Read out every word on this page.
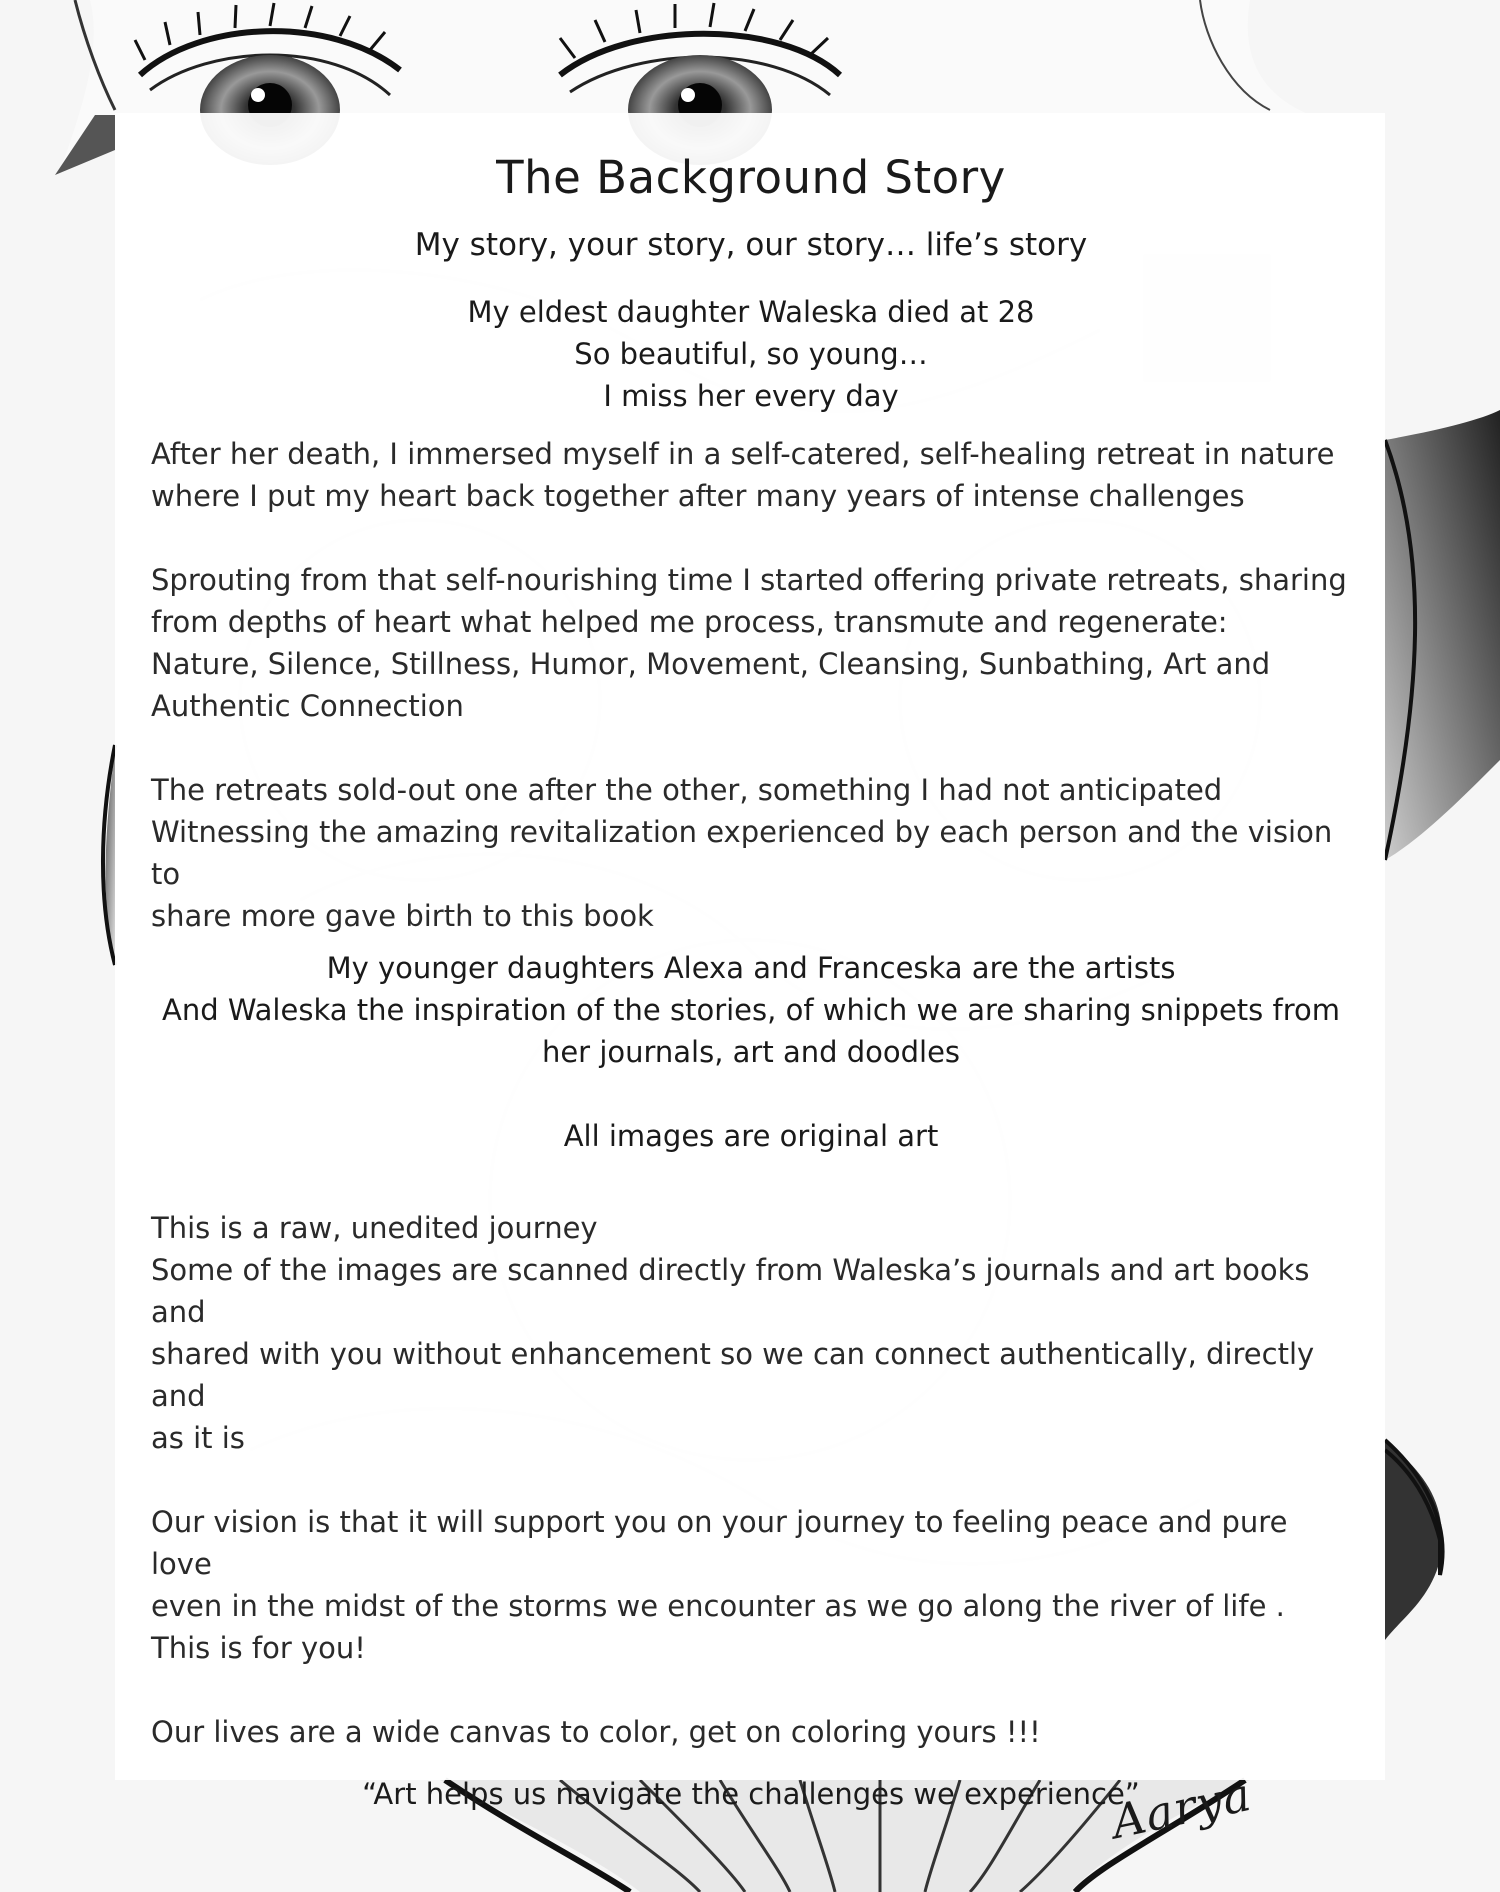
The Background Story

My story, your story, our story… life’s story

My eldest daughter Waleska died at 28

So beautiful, so young…

I miss her every day

After her death, I immersed myself in a self-catered, self-healing retreat in nature
where I put my heart back together after many years of intense challenges

Sprouting from that self-nourishing time I started offering private retreats, sharing
from depths of heart what helped me process, transmute and regenerate:
Nature, Silence, Stillness, Humor, Movement, Cleansing, Sunbathing, Art and
Authentic Connection

The retreats sold-out one after the other, something I had not anticipated
Witnessing the amazing revitalization experienced by each person and the vision to
share more gave birth to this book

My younger daughters Alexa and Franceska are the artists

And Waleska the inspiration of the stories, of which we are sharing snippets from

her journals, art and doodles

All images are original art

This is a raw, unedited journey
Some of the images are scanned directly from Waleska’s journals and art books and
shared with you without enhancement so we can connect authentically, directly and
as it is

Our vision is that it will support you on your journey to feeling peace and pure love
even in the midst of the storms we encounter as we go along the river of life .
This is for you!

Our lives are a wide canvas to color, get on coloring yours !!!

“Art helps us navigate the challenges we experience”

Aarya
